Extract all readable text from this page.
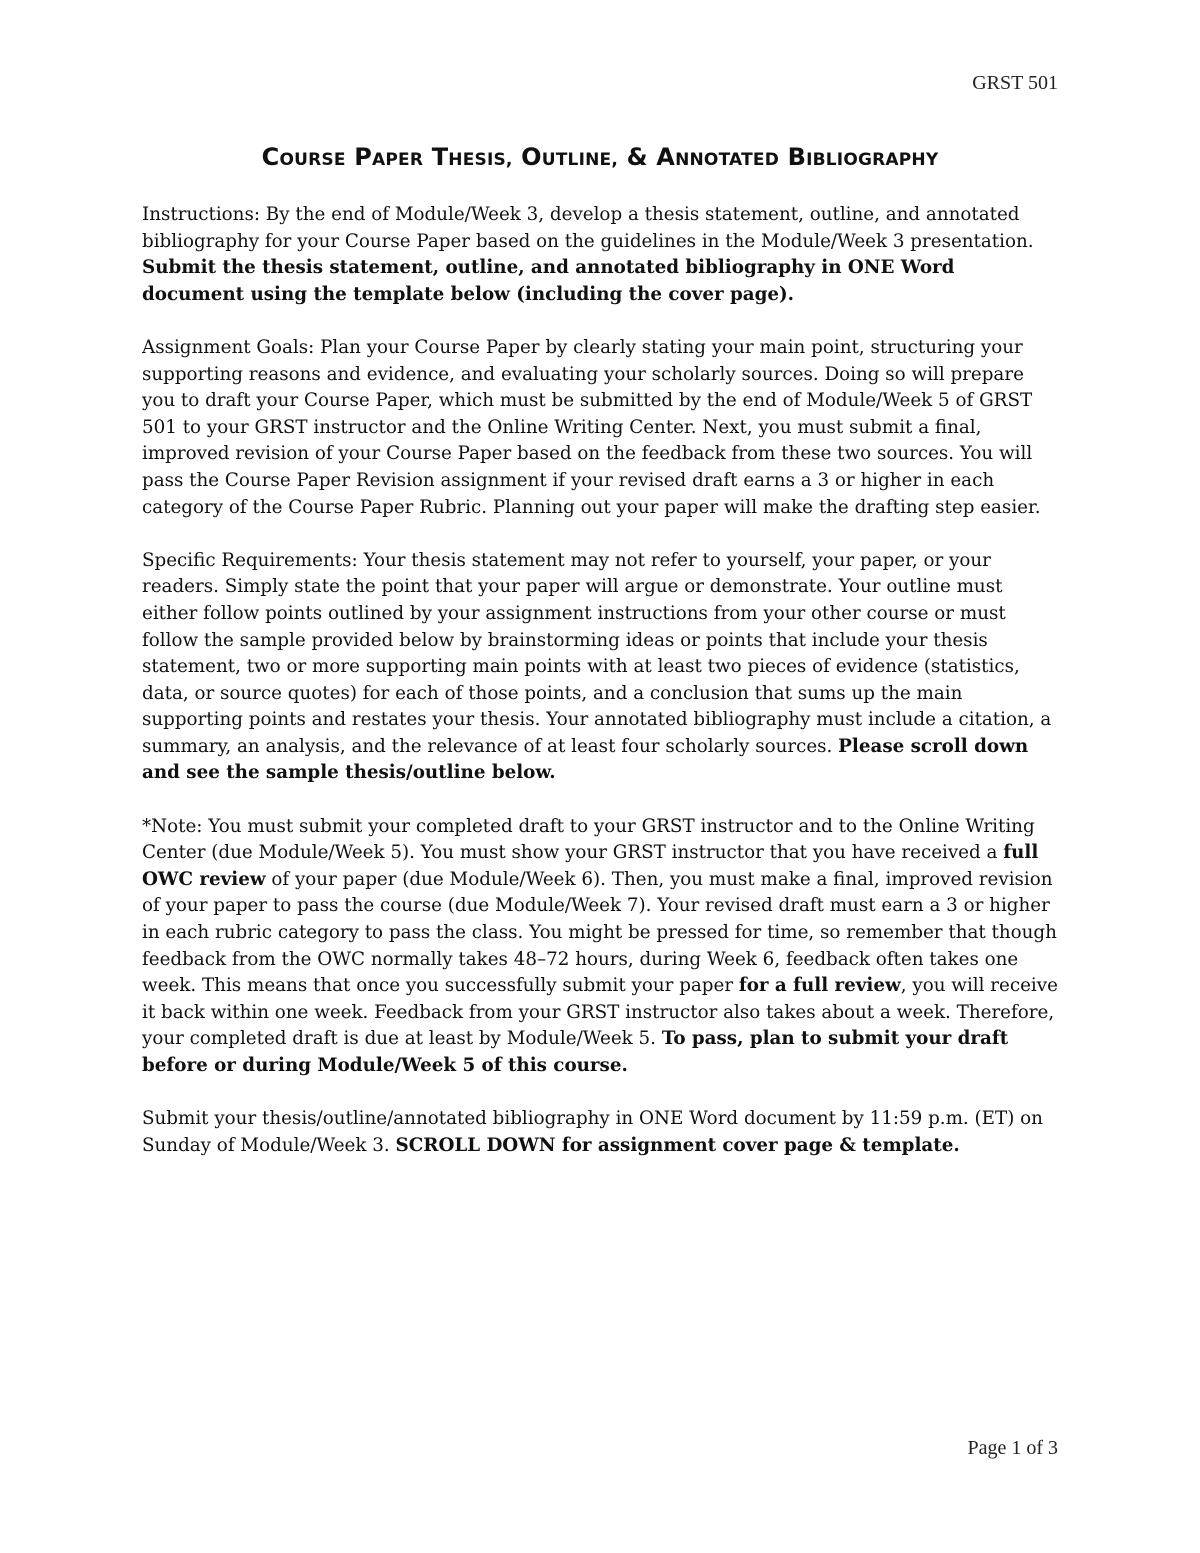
GRST 501
COURSE PAPER THESIS, OUTLINE, & ANNOTATED BIBLIOGRAPHY

Instructions: By the end of Module/Week 3, develop a thesis statement, outline, and annotated bibliography for your Course Paper based on the guidelines in the Module/Week 3 presentation. Submit the thesis statement, outline, and annotated bibliography in ONE Word document using the template below (including the cover page).

Assignment Goals: Plan your Course Paper by clearly stating your main point, structuring your supporting reasons and evidence, and evaluating your scholarly sources. Doing so will prepare you to draft your Course Paper, which must be submitted by the end of Module/Week 5 of GRST 501 to your GRST instructor and the Online Writing Center. Next, you must submit a final, improved revision of your Course Paper based on the feedback from these two sources. You will pass the Course Paper Revision assignment if your revised draft earns a 3 or higher in each category of the Course Paper Rubric. Planning out your paper will make the drafting step easier.

Specific Requirements: Your thesis statement may not refer to yourself, your paper, or your readers. Simply state the point that your paper will argue or demonstrate. Your outline must either follow points outlined by your assignment instructions from your other course or must follow the sample provided below by brainstorming ideas or points that include your thesis statement, two or more supporting main points with at least two pieces of evidence (statistics, data, or source quotes) for each of those points, and a conclusion that sums up the main supporting points and restates your thesis. Your annotated bibliography must include a citation, a summary, an analysis, and the relevance of at least four scholarly sources. Please scroll down and see the sample thesis/outline below.

*Note: You must submit your completed draft to your GRST instructor and to the Online Writing Center (due Module/Week 5). You must show your GRST instructor that you have received a full OWC review of your paper (due Module/Week 6). Then, you must make a final, improved revision of your paper to pass the course (due Module/Week 7). Your revised draft must earn a 3 or higher in each rubric category to pass the class. You might be pressed for time, so remember that though feedback from the OWC normally takes 48–72 hours, during Week 6, feedback often takes one week. This means that once you successfully submit your paper for a full review, you will receive it back within one week. Feedback from your GRST instructor also takes about a week. Therefore, your completed draft is due at least by Module/Week 5. To pass, plan to submit your draft before or during Module/Week 5 of this course.

Submit your thesis/outline/annotated bibliography in ONE Word document by 11:59 p.m. (ET) on Sunday of Module/Week 3. SCROLL DOWN for assignment cover page & template.

Page 1 of 3
